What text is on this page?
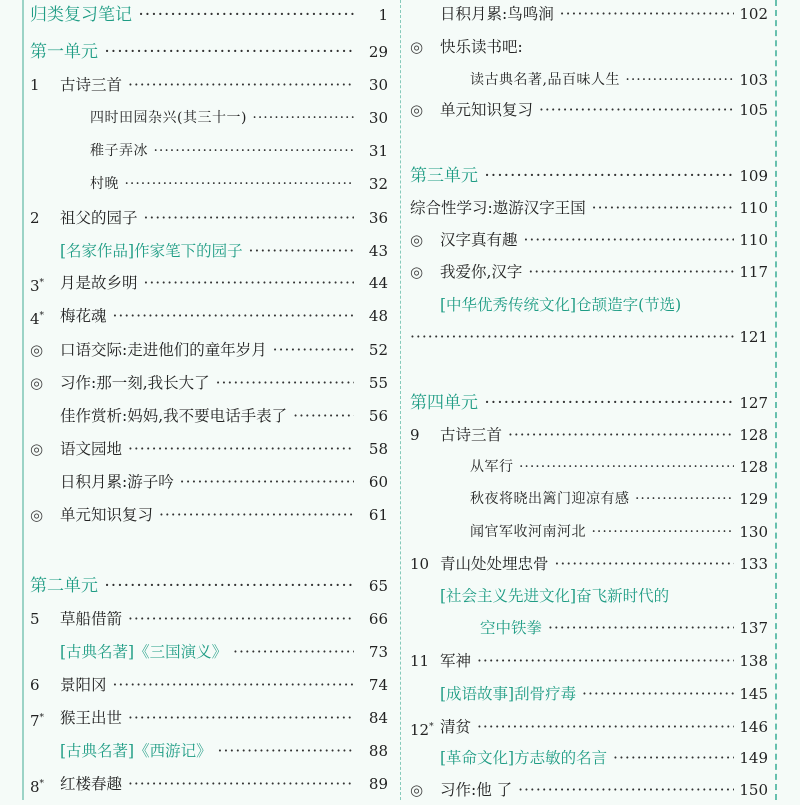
归类复习笔记 ·····	1
第一单元 ·····	29
1	古诗三首 ·····	30
四时田园杂兴(其三十一) ·····	30
稚子弄冰 ·····	31
村晚 ·····	32
2	祖父的园子 ·····	36
[名家作品]作家笔下的园子 ·····	43
3*	月是故乡明 ·····	44
4*	梅花魂 ·····	48
◎	口语交际:走进他们的童年岁月 ·····	52
◎	习作:那一刻,我长大了 ·····	55
佳作赏析:妈妈,我不要电话手表了 ·····	56
◎	语文园地 ·····	58
日积月累:游子吟 ·····	60
◎	单元知识复习 ·····	61
第二单元 ·····	65
5	草船借箭 ·····	66
[古典名著]《三国演义》 ·····	73
6	景阳冈 ·····	74
7*	猴王出世 ·····	84
[古典名著]《西游记》 ·····	88
8*	红楼春趣 ·····	89
日积月累:鸟鸣涧 ·····	102
◎	快乐读书吧:
读古典名著,品百味人生 ·····	103
◎	单元知识复习 ·····	105
第三单元 ·····	109
综合性学习:遨游汉字王国 ·····	110
◎	汉字真有趣 ·····	110
◎	我爱你,汉字 ·····	117
[中华优秀传统文化]仓颉造字(节选)
·····
121
第四单元 ·····	127
9	古诗三首 ·····	128
从军行 ·····	128
秋夜将晓出篱门迎凉有感 ·····	129
闻官军收河南河北 ·····	130
10 青山处处埋忠骨 ·····	133
[社会主义先进文化]奋飞新时代的
空中铁拳 ·····	137
11 军神 ·····	138
[成语故事]刮骨疗毒 ·····	145
12* 清贫 ·····	146
[革命文化]方志敏的名言 ·····	149
◎	习作:他 了 ·····	150
